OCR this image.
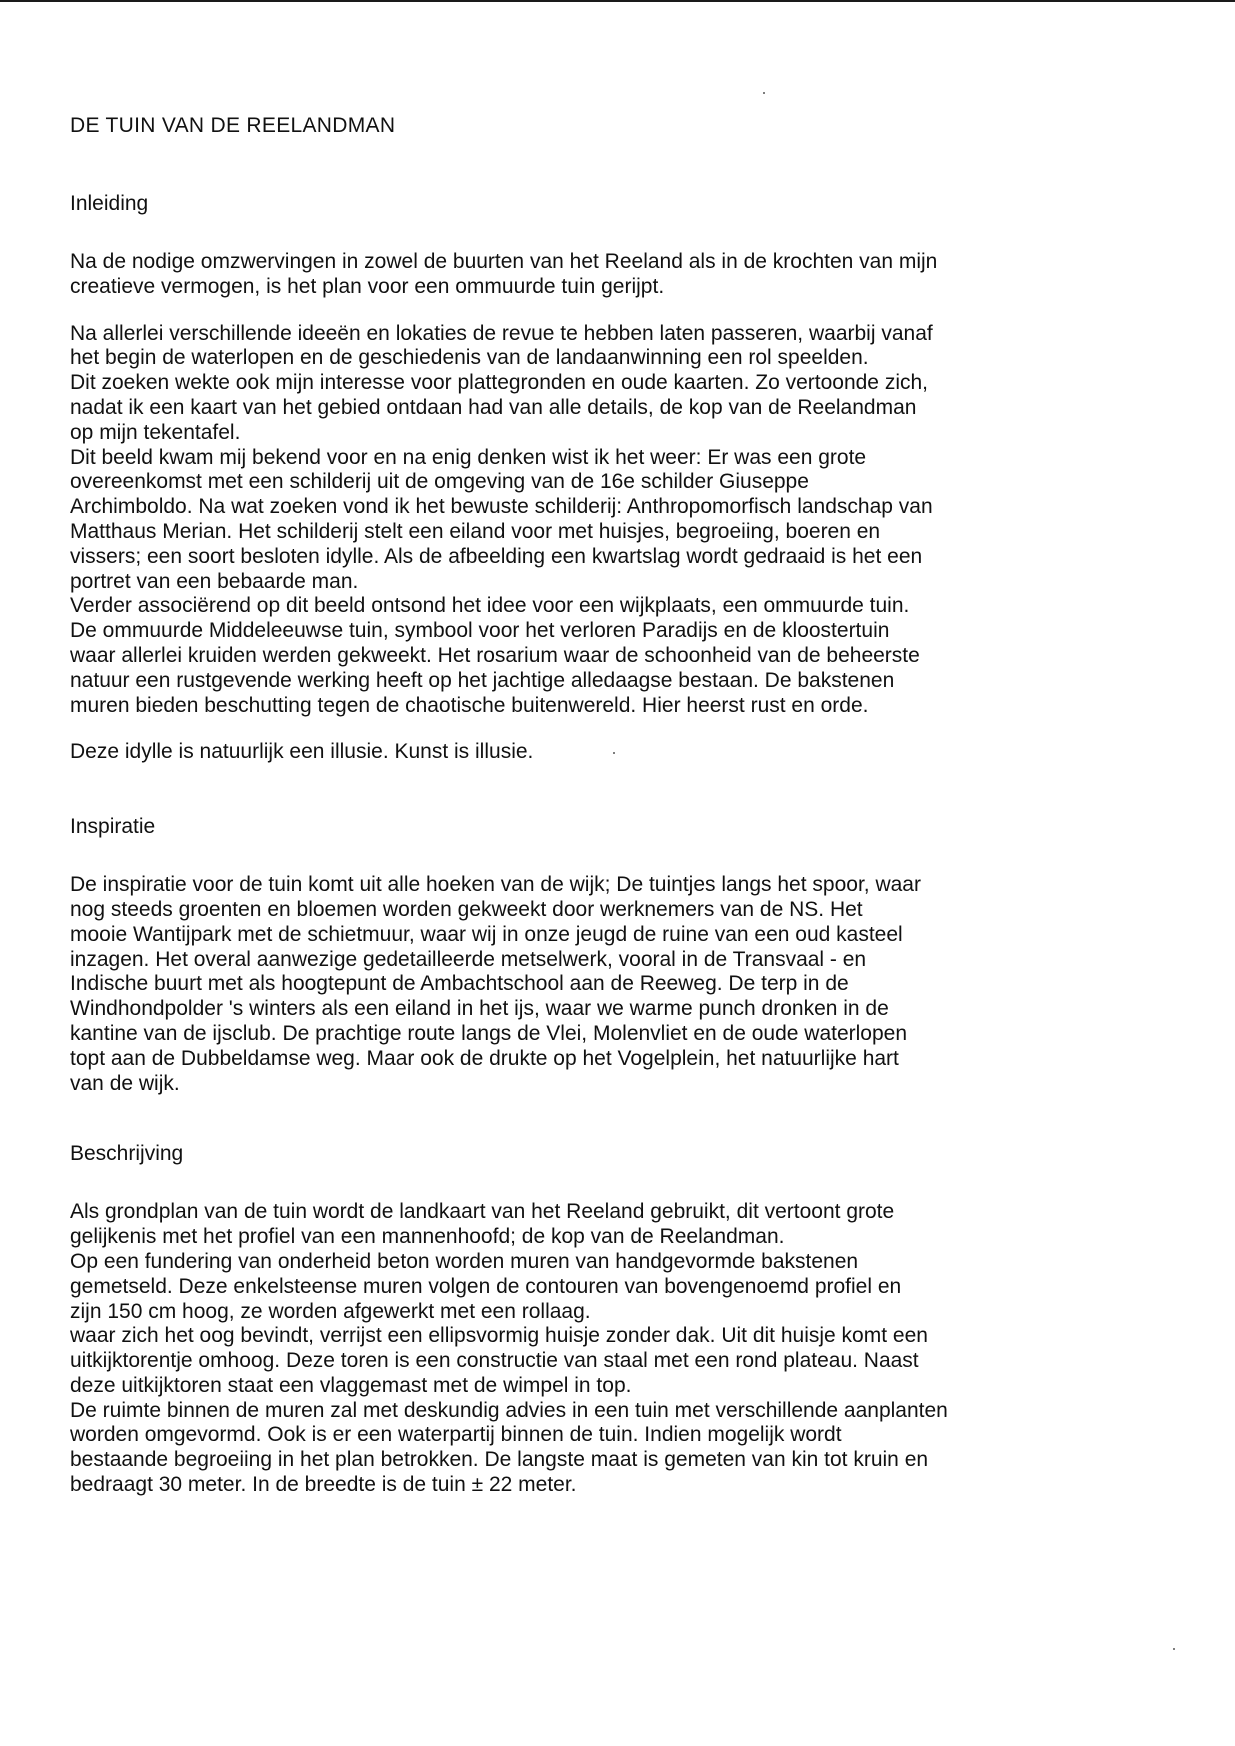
DE TUIN VAN DE REELANDMAN
Inleiding

Na de nodige omzwervingen in zowel de buurten van het Reeland als in de krochten van mijn
creatieve vermogen, is het plan voor een ommuurde tuin gerijpt.

Na allerlei verschillende ideeën en lokaties de revue te hebben laten passeren, waarbij vanaf
het begin de waterlopen en de geschiedenis van de landaanwinning een rol speelden.
Dit zoeken wekte ook mijn interesse voor plattegronden en oude kaarten. Zo vertoonde zich,
nadat ik een kaart van het gebied ontdaan had van alle details, de kop van de Reelandman
op mijn tekentafel.
Dit beeld kwam mij bekend voor en na enig denken wist ik het weer: Er was een grote
overeenkomst met een schilderij uit de omgeving van de 16e schilder Giuseppe
Archimboldo. Na wat zoeken vond ik het bewuste schilderij: Anthropomorfisch landschap van
Matthaus Merian. Het schilderij stelt een eiland voor met huisjes, begroeiing, boeren en
vissers; een soort besloten idylle. Als de afbeelding een kwartslag wordt gedraaid is het een
portret van een bebaarde man.
Verder associërend op dit beeld ontsond het idee voor een wijkplaats, een ommuurde tuin.
De ommuurde Middeleeuwse tuin, symbool voor het verloren Paradijs en de kloostertuin
waar allerlei kruiden werden gekweekt. Het rosarium waar de schoonheid van de beheerste
natuur een rustgevende werking heeft op het jachtige alledaagse bestaan. De bakstenen
muren bieden beschutting tegen de chaotische buitenwereld. Hier heerst rust en orde.

Deze idylle is natuurlijk een illusie. Kunst is illusie.

Inspiratie

De inspiratie voor de tuin komt uit alle hoeken van de wijk; De tuintjes langs het spoor, waar
nog steeds groenten en bloemen worden gekweekt door werknemers van de NS. Het
mooie Wantijpark met de schietmuur, waar wij in onze jeugd de ruine van een oud kasteel
inzagen. Het overal aanwezige gedetailleerde metselwerk, vooral in de Transvaal - en
Indische buurt met als hoogtepunt de Ambachtschool aan de Reeweg. De terp in de
Windhondpolder 's winters als een eiland in het ijs, waar we warme punch dronken in de
kantine van de ijsclub. De prachtige route langs de Vlei, Molenvliet en de oude waterlopen
topt aan de Dubbeldamse weg. Maar ook de drukte op het Vogelplein, het natuurlijke hart
van de wijk.

Beschrijving

Als grondplan van de tuin wordt de landkaart van het Reeland gebruikt, dit vertoont grote
gelijkenis met het profiel van een mannenhoofd; de kop van de Reelandman.
Op een fundering van onderheid beton worden muren van handgevormde bakstenen
gemetseld. Deze enkelsteense muren volgen de contouren van bovengenoemd profiel en
zijn 150 cm hoog, ze worden afgewerkt met een rollaag.
waar zich het oog bevindt, verrijst een ellipsvormig huisje zonder dak. Uit dit huisje komt een
uitkijktorentje omhoog. Deze toren is een constructie van staal met een rond plateau. Naast
deze uitkijktoren staat een vlaggemast met de wimpel in top.
De ruimte binnen de muren zal met deskundig advies in een tuin met verschillende aanplanten
worden omgevormd. Ook is er een waterpartij binnen de tuin. Indien mogelijk wordt
bestaande begroeiing in het plan betrokken. De langste maat is gemeten van kin tot kruin en
bedraagt 30 meter. In de breedte is de tuin ± 22 meter.
